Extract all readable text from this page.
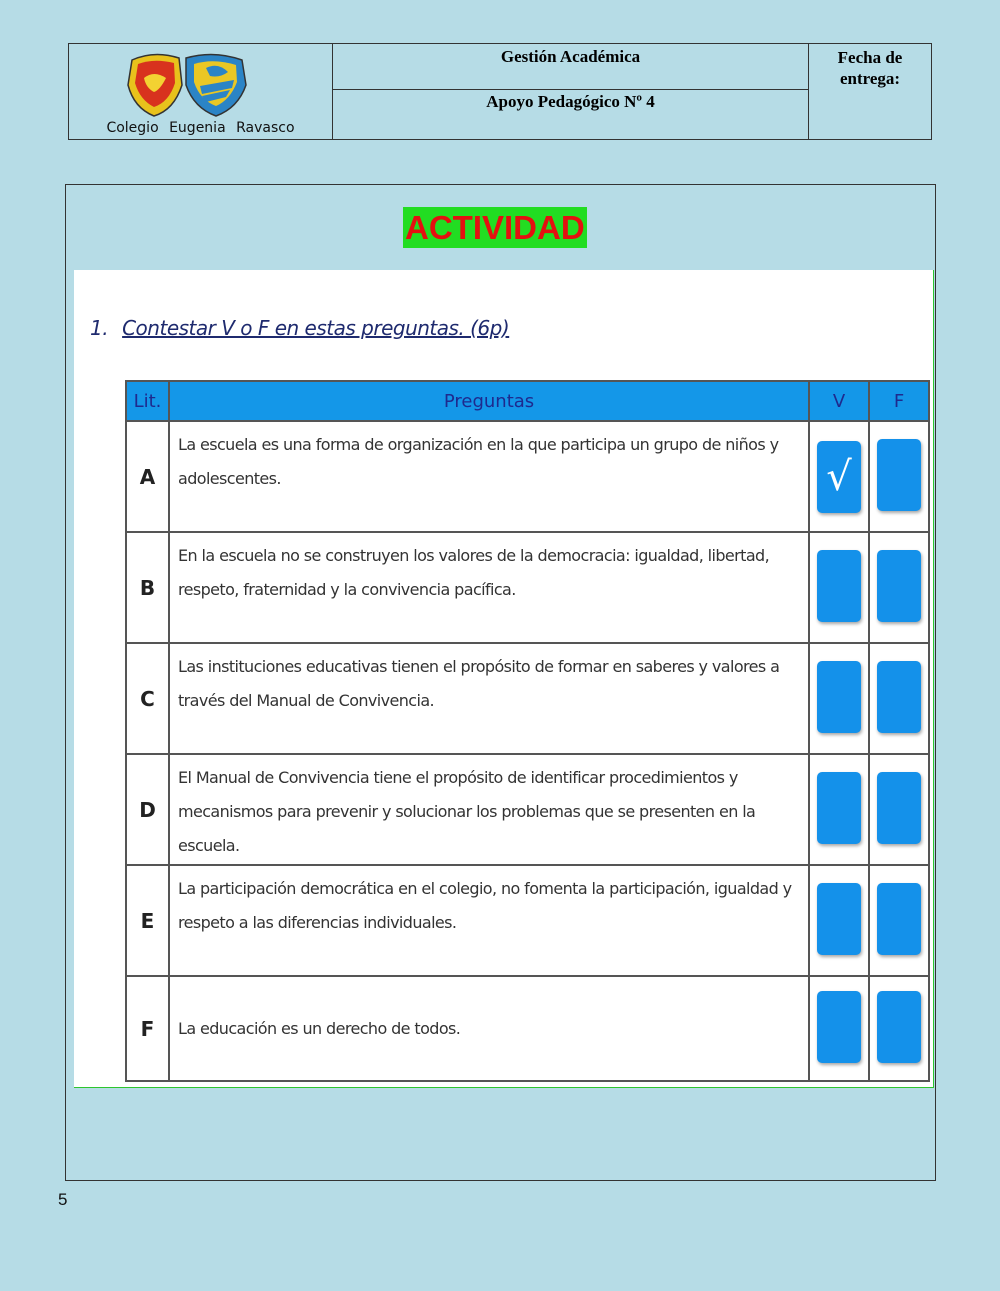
Colegio Eugenia Ravasco
Gestión Académica
Apoyo Pedagógico Nº 4
Fecha de
entrega:
ACTIVIDAD
1. Contestar V o F en estas preguntas. (6p)
Lit.	Preguntas	V	F
A	La escuela es una forma de organización en la que participa un grupo de niños y adolescentes.	√	
B	En la escuela no se construyen los valores de la democracia: igualdad, libertad, respeto, fraternidad y la convivencia pacífica.		
C	Las instituciones educativas tienen el propósito de formar en saberes y valores a través del Manual de Convivencia.		
D	El Manual de Convivencia tiene el propósito de identificar procedimientos y mecanismos para prevenir y solucionar los problemas que se presenten en la escuela.		
E	La participación democrática en el colegio, no fomenta la participación, igualdad y respeto a las diferencias individuales.		
F	La educación es un derecho de todos.		
5
